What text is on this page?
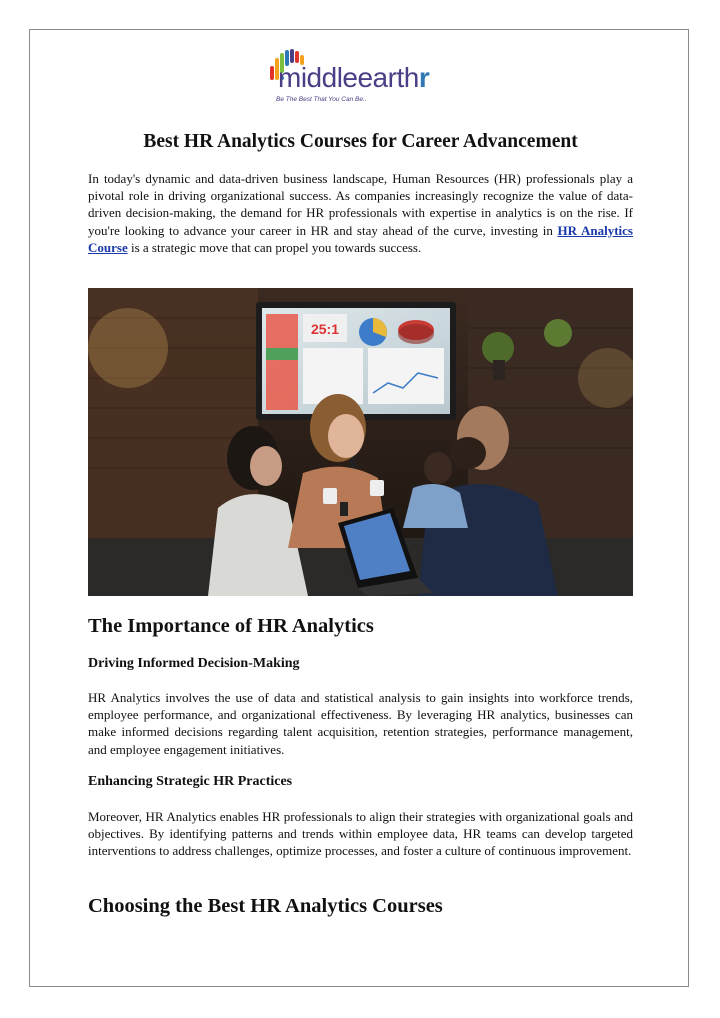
middleearthr
Be The Best That You Can Be..
Best HR Analytics Courses for Career Advancement

In today's dynamic and data-driven business landscape, Human Resources (HR) professionals play a pivotal role in driving organizational success. As companies increasingly recognize the value of data-driven decision-making, the demand for HR professionals with expertise in analytics is on the rise. If you're looking to advance your career in HR and stay ahead of the curve, investing in HR Analytics Course is a strategic move that can propel you towards success.

25:1
The Importance of HR Analytics
Driving Informed Decision-Making

HR Analytics involves the use of data and statistical analysis to gain insights into workforce trends, employee performance, and organizational effectiveness. By leveraging HR analytics, businesses can make informed decisions regarding talent acquisition, retention strategies, performance management, and employee engagement initiatives.

Enhancing Strategic HR Practices

Moreover, HR Analytics enables HR professionals to align their strategies with organizational goals and objectives. By identifying patterns and trends within employee data, HR teams can develop targeted interventions to address challenges, optimize processes, and foster a culture of continuous improvement.

Choosing the Best HR Analytics Courses
